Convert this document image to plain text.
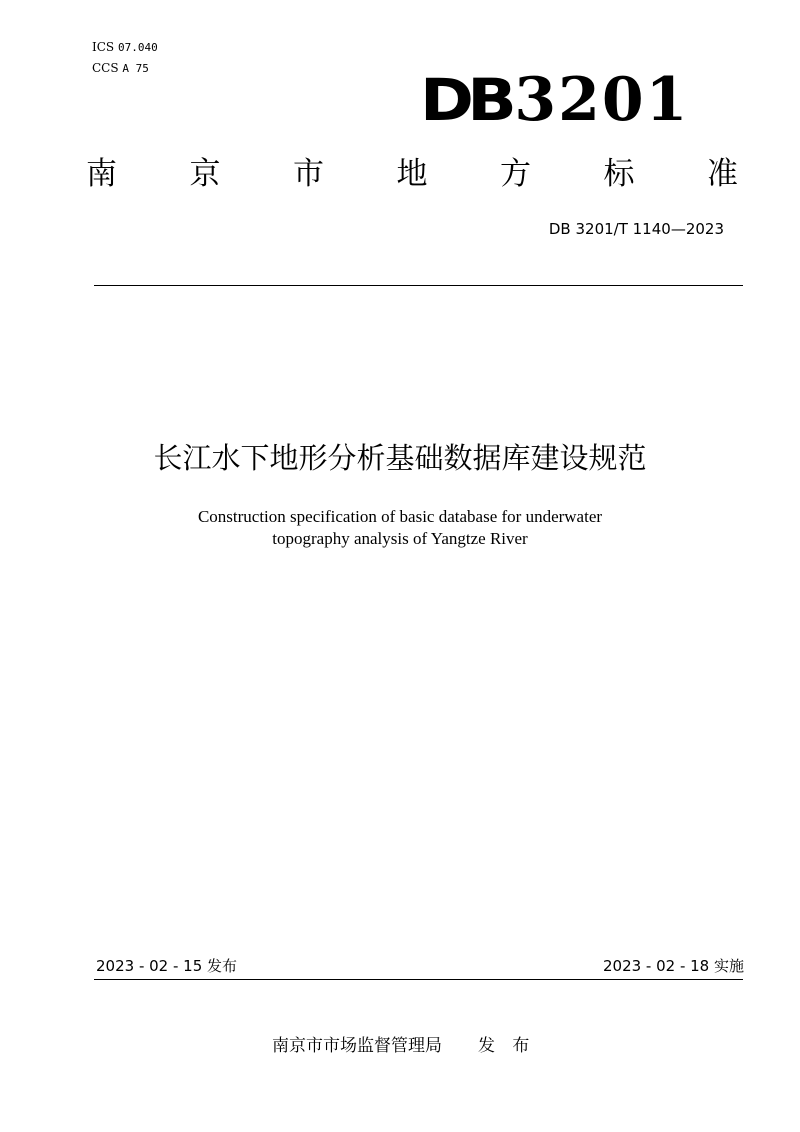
ICS 07.040
CCS A 75	DB3201
南 京 市 地 方 标 准
DB 3201/T 1140—2023
长江水下地形分析基础数据库建设规范
Construction specification of basic database for underwater
topography analysis of Yangtze River
2023 - 02 - 15 发布	2023 - 02 - 18 实施
南京市市场监督管理局 发 布
